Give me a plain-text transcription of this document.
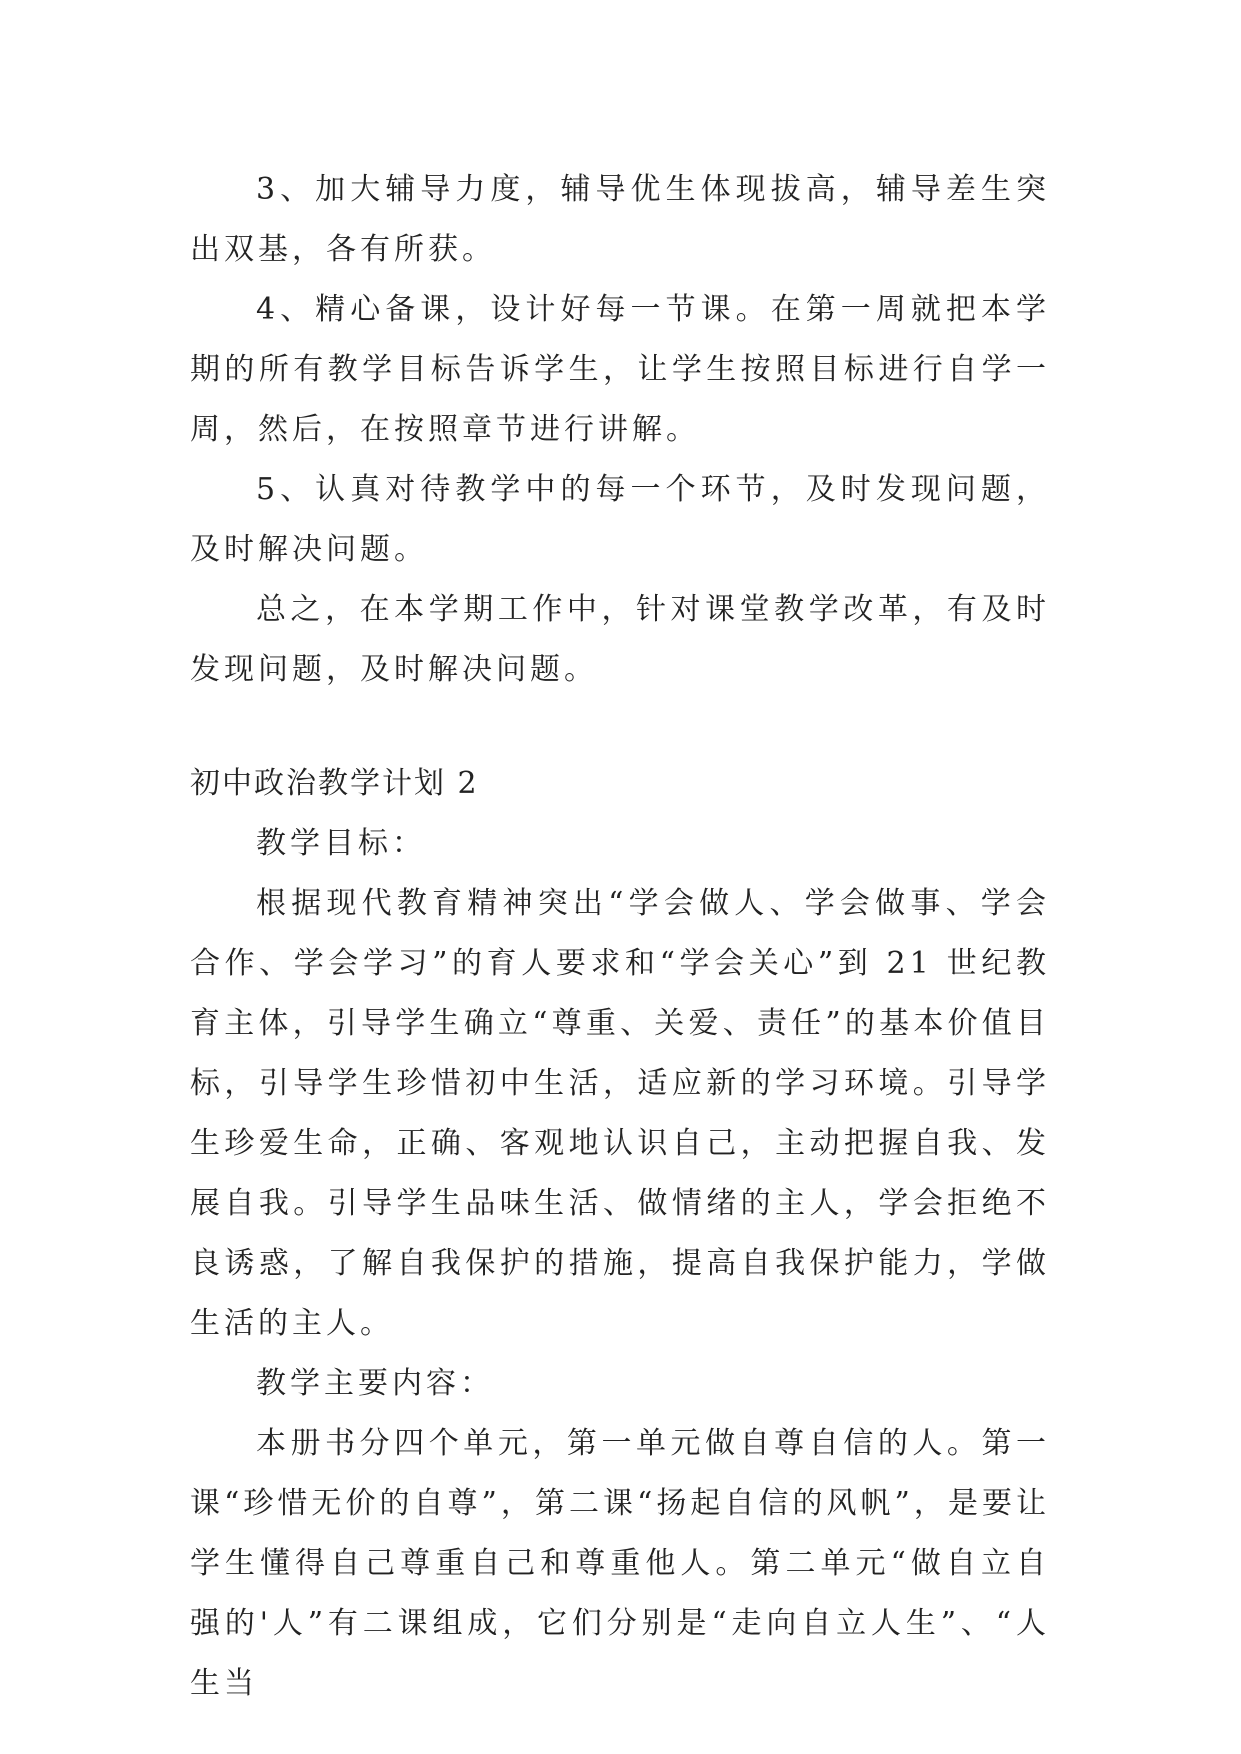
3、加大辅导力度，辅导优生体现拔高，辅导差生突出双基，各有所获。

4、精心备课，设计好每一节课。在第一周就把本学期的所有教学目标告诉学生，让学生按照目标进行自学一周，然后，在按照章节进行讲解。

5、认真对待教学中的每一个环节，及时发现问题，及时解决问题。

总之，在本学期工作中，针对课堂教学改革，有及时发现问题，及时解决问题。

初中政治教学计划 2

教学目标：

根据现代教育精神突出“学会做人、学会做事、学会合作、学会学习”的育人要求和“学会关心”到 21 世纪教育主体，引导学生确立“尊重、关爱、责任”的基本价值目标，引导学生珍惜初中生活，适应新的学习环境。引导学生珍爱生命，正确、客观地认识自己，主动把握自我、发展自我。引导学生品味生活、做情绪的主人，学会拒绝不良诱惑，了解自我保护的措施，提高自我保护能力，学做生活的主人。

教学主要内容：

本册书分四个单元，第一单元做自尊自信的人。第一课“珍惜无价的自尊”，第二课“扬起自信的风帆”，是要让学生懂得自己尊重自己和尊重他人。第二单元“做自立自强的'人”有二课组成，它们分别是“走向自立人生”、“人生当
